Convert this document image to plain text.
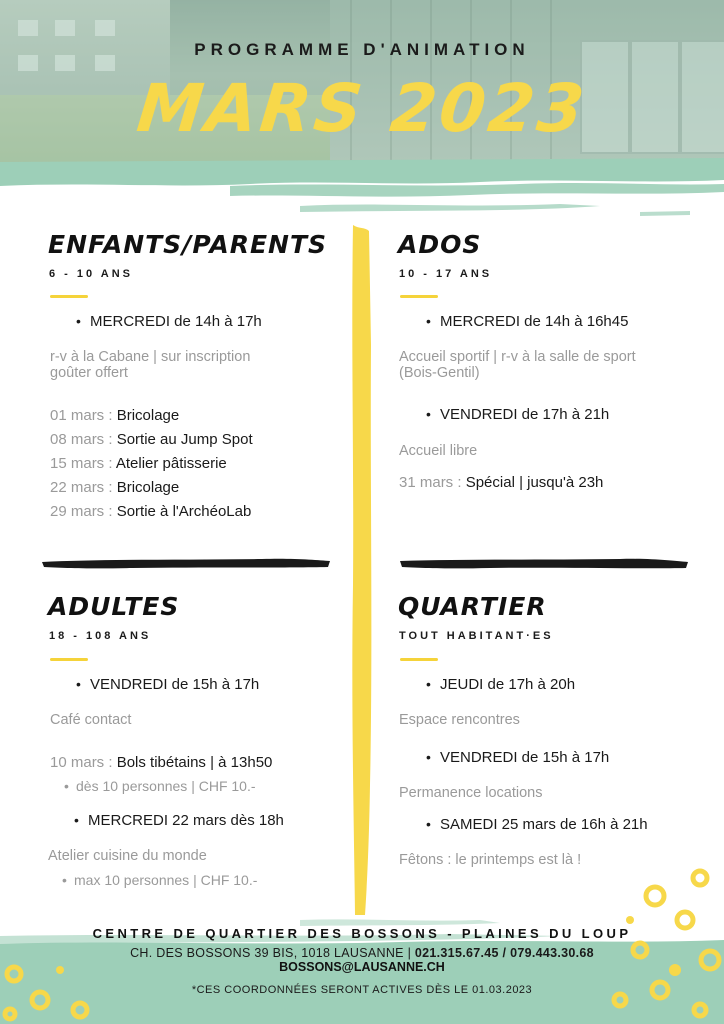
PROGRAMME D'ANIMATION
MARS 2023
ENFANTS/PARENTS
6 - 10 ANS
• MERCREDI de 14h à 17h
r-v à la Cabane | sur inscription
goûter offert
01 mars : Bricolage
08 mars : Sortie au Jump Spot
15 mars : Atelier pâtisserie
22 mars : Bricolage
29 mars : Sortie à l'ArchéoLab
ADOS
10 - 17 ANS
• MERCREDI de 14h à 16h45
Accueil sportif | r-v à la salle de sport
(Bois-Gentil)
• VENDREDI de 17h à 21h
Accueil libre
31 mars : Spécial | jusqu'à 23h
ADULTES
18 - 108 ANS
• VENDREDI de 15h à 17h
Café contact
10 mars : Bols tibétains | à 13h50
• dès 10 personnes | CHF 10.-
• MERCREDI 22 mars dès 18h
Atelier cuisine du monde
• max 10 personnes | CHF 10.-
QUARTIER
TOUT HABITANT·ES
• JEUDI de 17h à 20h
Espace rencontres
• VENDREDI de 15h à 17h
Permanence locations
• SAMEDI 25 mars de 16h à 21h
Fêtons : le printemps est là !
CENTRE DE QUARTIER DES BOSSONS - PLAINES DU LOUP
CH. DES BOSSONS 39 BIS, 1018 LAUSANNE | 021.315.67.45 / 079.443.30.68
BOSSONS@LAUSANNE.CH
*CES COORDONNÉES SERONT ACTIVES DÈS LE 01.03.2023
